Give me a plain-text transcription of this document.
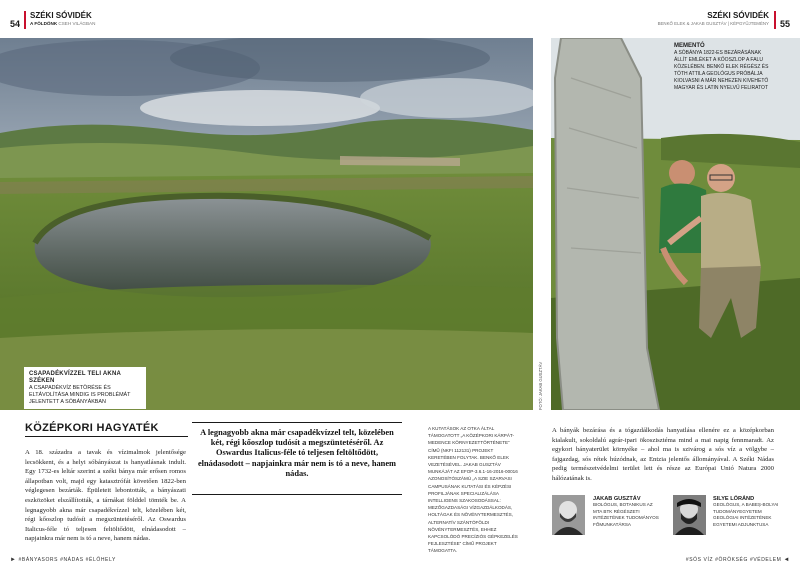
54
SZÉKI SÓVIDÉK
A FÖLDÖNK CSEH VILÁGBAN
SZÉKI SÓVIDÉK
BENKŐ ELEK & JAKAB GUSZTÁV | KÉPGYŰJTEMÉNY 55
CSAPADÉKVÍZZEL TELI AKNA SZÉKEN
A CSAPADÉKVÍZ BETÖRÉSE ÉS ELTÁVOLÍTÁSA MINDIG IS PROBLÉMÁT JELENTETT A SÓBÁNYÁKBAN	FOTÓ: JAKAB GUSZTÁV
MEMENTÓ
A SÓBÁNYA 1822-ES BEZÁRÁSÁNAK ÁLLÍT EMLÉKET A KŐOSZLOP A FALU KÖZELÉBEN. BENKŐ ELEK RÉGÉSZ ÉS TÓTH ATTILA GEOLÓGUS PRÓBÁLJA KIOLVASNI A MÁR NEHEZEN KIVEHETŐ MAGYAR ÉS LATIN NYELVŰ FELIRATOT
KÖZÉPKORI HAGYATÉK
A 18. századra a tavak és vízimalmok jelentősége lecsökkent, és a helyi sóbányászat is hanyatlásnak indult. Egy 1732-es leltár szerint a széki bánya már erősen romos állapotban volt, majd egy katasztrófát követően 1822-ben véglegesen bezárták. Épületeit lebontották, a bányászati eszközöket elszállították, a tárnákat földdel tömték be. A legnagyobb akna már csapadékvízzel telt, közelében két, régi kőoszlop tudósít a megszüntetéséről. Az Oswardus Italicus-féle tó teljesen feltöltődött, elnádasodott – napjainkra már nem is tó a neve, hanem nádas.
A legnagyobb akna már csapadékvízzel telt, közelében két, régi kőoszlop tudósít a megszüntetéséről. Az Oswardus Italicus-féle tó teljesen feltöltődött, elnádasodott – napjainkra már nem is tó a neve, hanem nádas.
A KUTATÁSOK AZ OTKA ÁLTAL TÁMOGATOTT „A KÖZÉPKORI KÁRPÁT-MEDENCE KÖRNYEZETTÖRTÉNETE” CÍMŰ (NKFI 112131) PROJEKT KERETÉBEN FOLYTAK. BENKŐ ELEK VEZETÉSÉVEL. JAKAB GUSZTÁV MUNKÁJÁT AZ EFOP-3.6.1-16-2016-00016 AZONOSÍTÓSZÁMÚ „A SZIE SZARVASI CAMPUSÁNAK KUTATÁSI ÉS KÉPZÉSI PROFILJÁNAK SPECIALIZÁLÁSA INTELLIGENS SZAKOSODÁSSAL: MEZŐGAZDASÁGI VÍZGAZDÁLKODÁS, HOLTÁGAK ÉS NÖVÉNYTERMESZTÉS, ALTERNATÍV SZÁNTÓFÖLDI NÖVÉNYTERMESZTÉS, EHHEZ KAPCSOLÓDÓ PRECÍZIÓS GÉPKEZELÉS FEJLESZTÉSE” CÍMŰ PROJEKT TÁMOGATTA.
A bányák bezárása és a tógazdálkodás hanyatlása ellenére ez a középkorban kialakult, sokoldalú agrár-ipari ökoszisztéma mind a mai napig fennmaradt. Az egykori bányaterület környéke – ahol ma is szivárog a sós víz a völgybe – fajgazdag, sós rétek húzódnak, az Entzia jelentős állományával. A Széki Nádas pedig természetvédelmi terület lett és része az Európai Unió Natura 2000 hálózatának is.
JAKAB GUSZTÁV
BIOLÓGUS, BOTANIKUS AZ MTA BTK RÉGÉSZETI INTÉZETÉNEK TUDOMÁNYOS FŐMUNKATÁRSA
SILYE LÓRÁND
GEOLÓGUS, A BABEȘ-BOLYAI TUDOMÁNYEGYETEM GEOLÓGIAI INTÉZETÉNEK EGYETEMI ADJUNKTUSA
► #BÁNYASORS #NÁDAS #ÉLŐHELY	#SÓS VÍZ #ÖRÖKSÉG #VÉDELEM ◄
